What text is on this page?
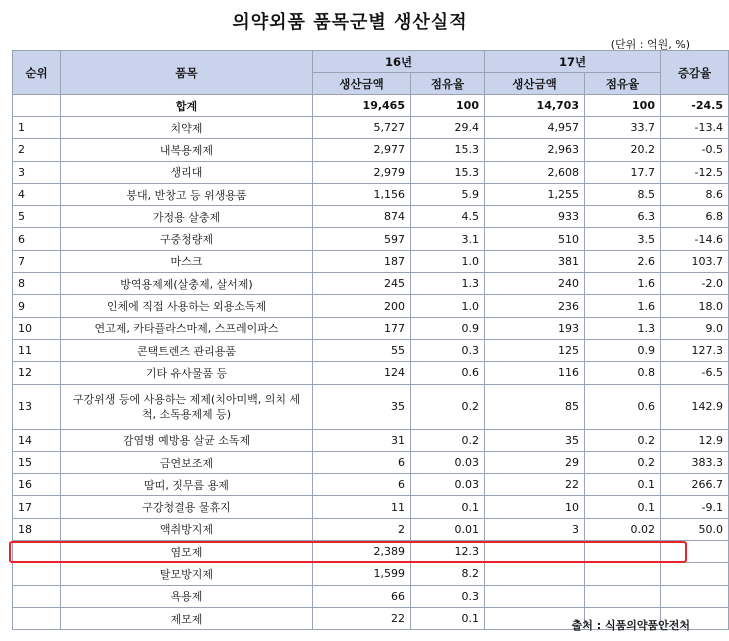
의약외품 품목군별 생산실적
(단위 : 억원, %)
순위	품목	16년		17년		증감율
		생산금액	점유율	생산금액	점유율	
	합계	19,465	100	14,703	100	-24.5
1	치약제	5,727	29.4	4,957	33.7	-13.4
2	내복용제제	2,977	15.3	2,963	20.2	-0.5
3	생리대	2,979	15.3	2,608	17.7	-12.5
4	붕대, 반창고 등 위생용품	1,156	5.9	1,255	8.5	8.6
5	가정용 살충제	874	4.5	933	6.3	6.8
6	구중청량제	597	3.1	510	3.5	-14.6
7	마스크	187	1.0	381	2.6	103.7
8	방역용제제(살충제, 살서제)	245	1.3	240	1.6	-2.0
9	인체에 직접 사용하는 외용소독제	200	1.0	236	1.6	18.0
10	연고제, 카타플라스마제, 스프레이파스	177	0.9	193	1.3	9.0
11	콘택트렌즈 관리용품	55	0.3	125	0.9	127.3
12	기타 유사물품 등	124	0.6	116	0.8	-6.5
13	구강위생 등에 사용하는 제제(치아미백, 의치 세척, 소독용제제 등)	35	0.2	85	0.6	142.9
14	감염병 예방용 살균 소독제	31	0.2	35	0.2	12.9
15	금연보조제	6	0.03	29	0.2	383.3
16	땀띠, 짓무름 용제	6	0.03	22	0.1	266.7
17	구강청결용 물휴지	11	0.1	10	0.1	-9.1
18	액취방지제	2	0.01	3	0.02	50.0
	염모제	2,389	12.3			
	탈모방지제	1,599	8.2			
	욕용제	66	0.3			
	제모제	22	0.1			
출처 : 식품의약품안전처
